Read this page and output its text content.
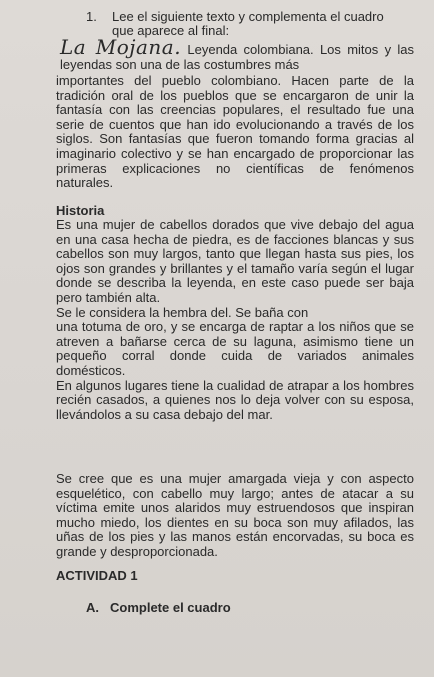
1. Lee el siguiente texto y complementa el cuadro
que aparece al final:
La Mojana. Leyenda colombiana. Los mitos y las leyendas son una de las costumbres más

importantes del pueblo colombiano. Hacen parte de la tradición oral de los pueblos que se encargaron de unir la fantasía con las creencias populares, el resultado fue una serie de cuentos que han ido evolucionando a través de los siglos. Son fantasías que fueron tomando forma gracias al imaginario colectivo y se han encargado de proporcionar las primeras explicaciones no científicas de fenómenos naturales.

Historia

Es una mujer de cabellos dorados que vive debajo del agua en una casa hecha de piedra, es de facciones blancas y sus cabellos son muy largos, tanto que llegan hasta sus pies, los ojos son grandes y brillantes y el tamaño varía según el lugar donde se describa la leyenda, en este caso puede ser baja pero también alta.

Se le considera la hembra del. Se baña con

una totuma de oro, y se encarga de raptar a los niños que se atreven a bañarse cerca de su laguna, asimismo tiene un pequeño corral donde cuida de variados animales domésticos.

En algunos lugares tiene la cualidad de atrapar a los hombres recién casados, a quienes nos lo deja volver con su esposa, llevándolos a su casa debajo del mar.

Se cree que es una mujer amargada vieja y con aspecto esquelético, con cabello muy largo; antes de atacar a su víctima emite unos alaridos muy estruendosos que inspiran mucho miedo, los dientes en su boca son muy afilados, las uñas de los pies y las manos están encorvadas, su boca es grande y desproporcionada.

ACTIVIDAD 1
A. Complete el cuadro
